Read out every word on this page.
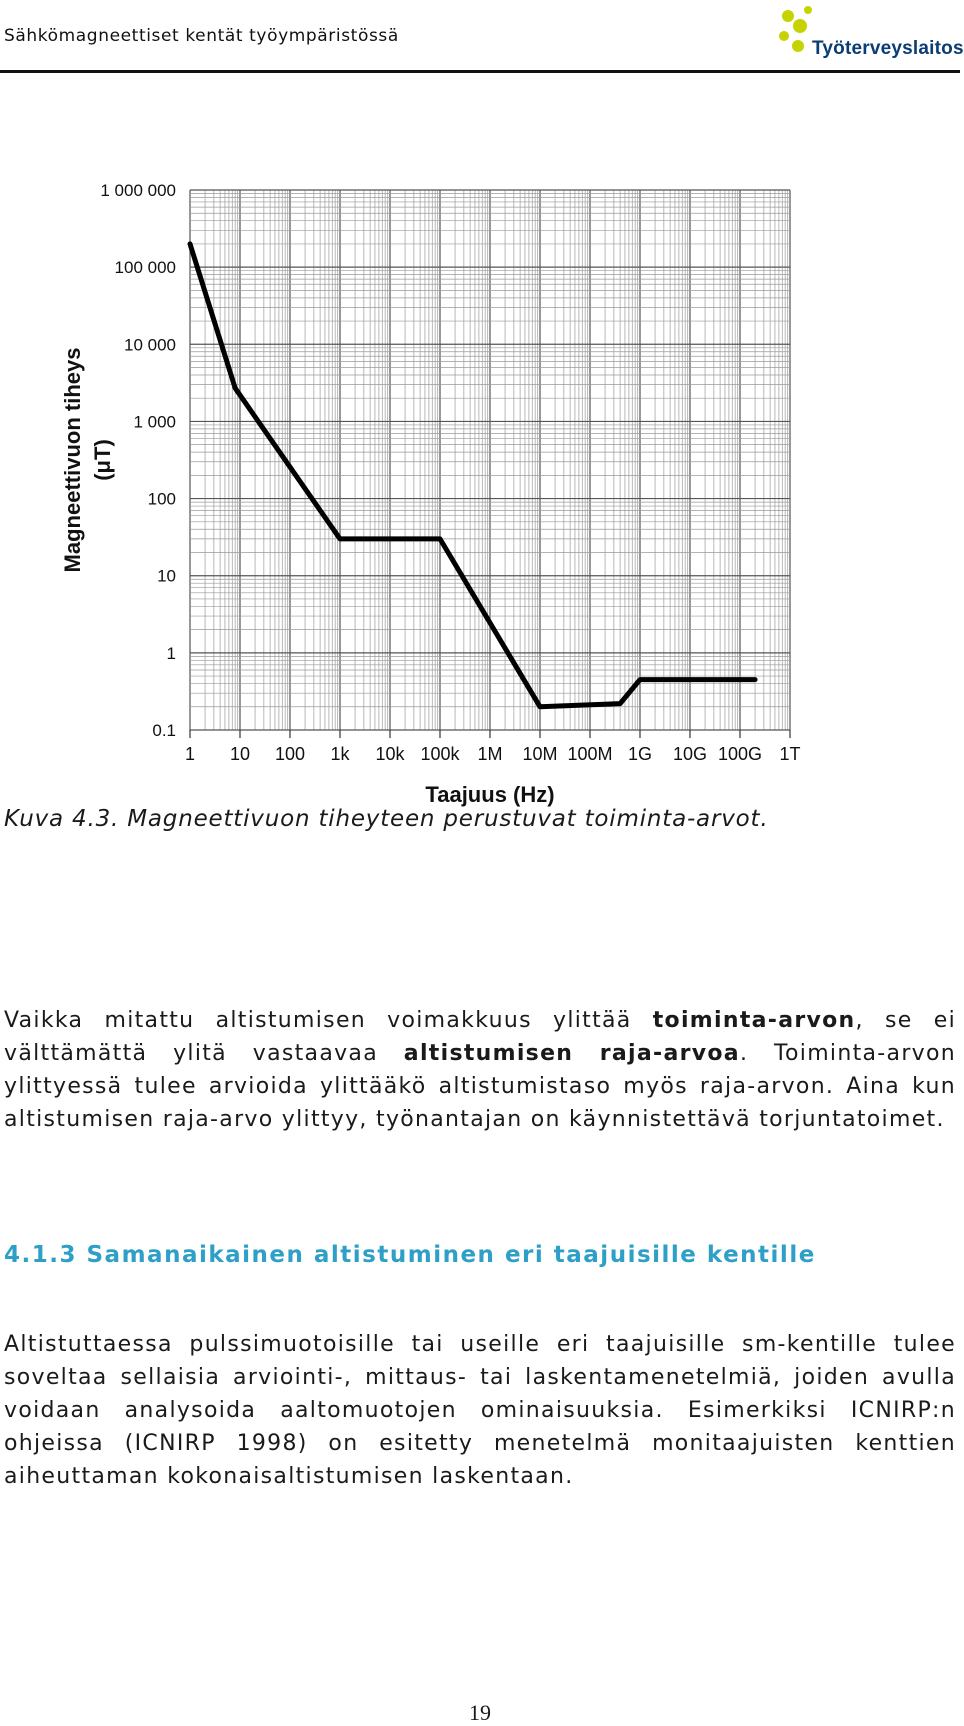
Sähkömagneettiset kentät työympäristössä
Työterveyslaitos
1 10 100 1k 10k 100k 1M 10M 100M 1G 10G 100G 1T
0.1
1
10
100
1 000
10 000
100 000
1 000 000
Taajuus (Hz)
Magneettivuon tiheys (μT)
Kuva 4.3. Magneettivuon tiheyteen perustuvat toiminta-arvot.
Vaikka mitattu altistumisen voimakkuus ylittää toiminta-arvon, se ei välttämättä ylitä vastaavaa altistumisen raja-arvoa. Toiminta-arvon ylittyessä tulee arvioida ylittääkö altistumistaso myös raja-arvon. Aina kun altistumisen raja-arvo ylittyy, työnantajan on käynnistettävä torjuntatoimet.
4.1.3 Samanaikainen altistuminen eri taajuisille kentille
Altistuttaessa pulssimuotoisille tai useille eri taajuisille sm-kentille tulee soveltaa sellaisia arviointi-, mittaus- tai laskentamenetelmiä, joiden avulla voidaan analysoida aaltomuotojen ominaisuuksia. Esimerkiksi ICNIRP:n ohjeissa (ICNIRP 1998) on esitetty menetelmä monitaajuisten kenttien aiheuttaman kokonaisaltistumisen laskentaan.
19
